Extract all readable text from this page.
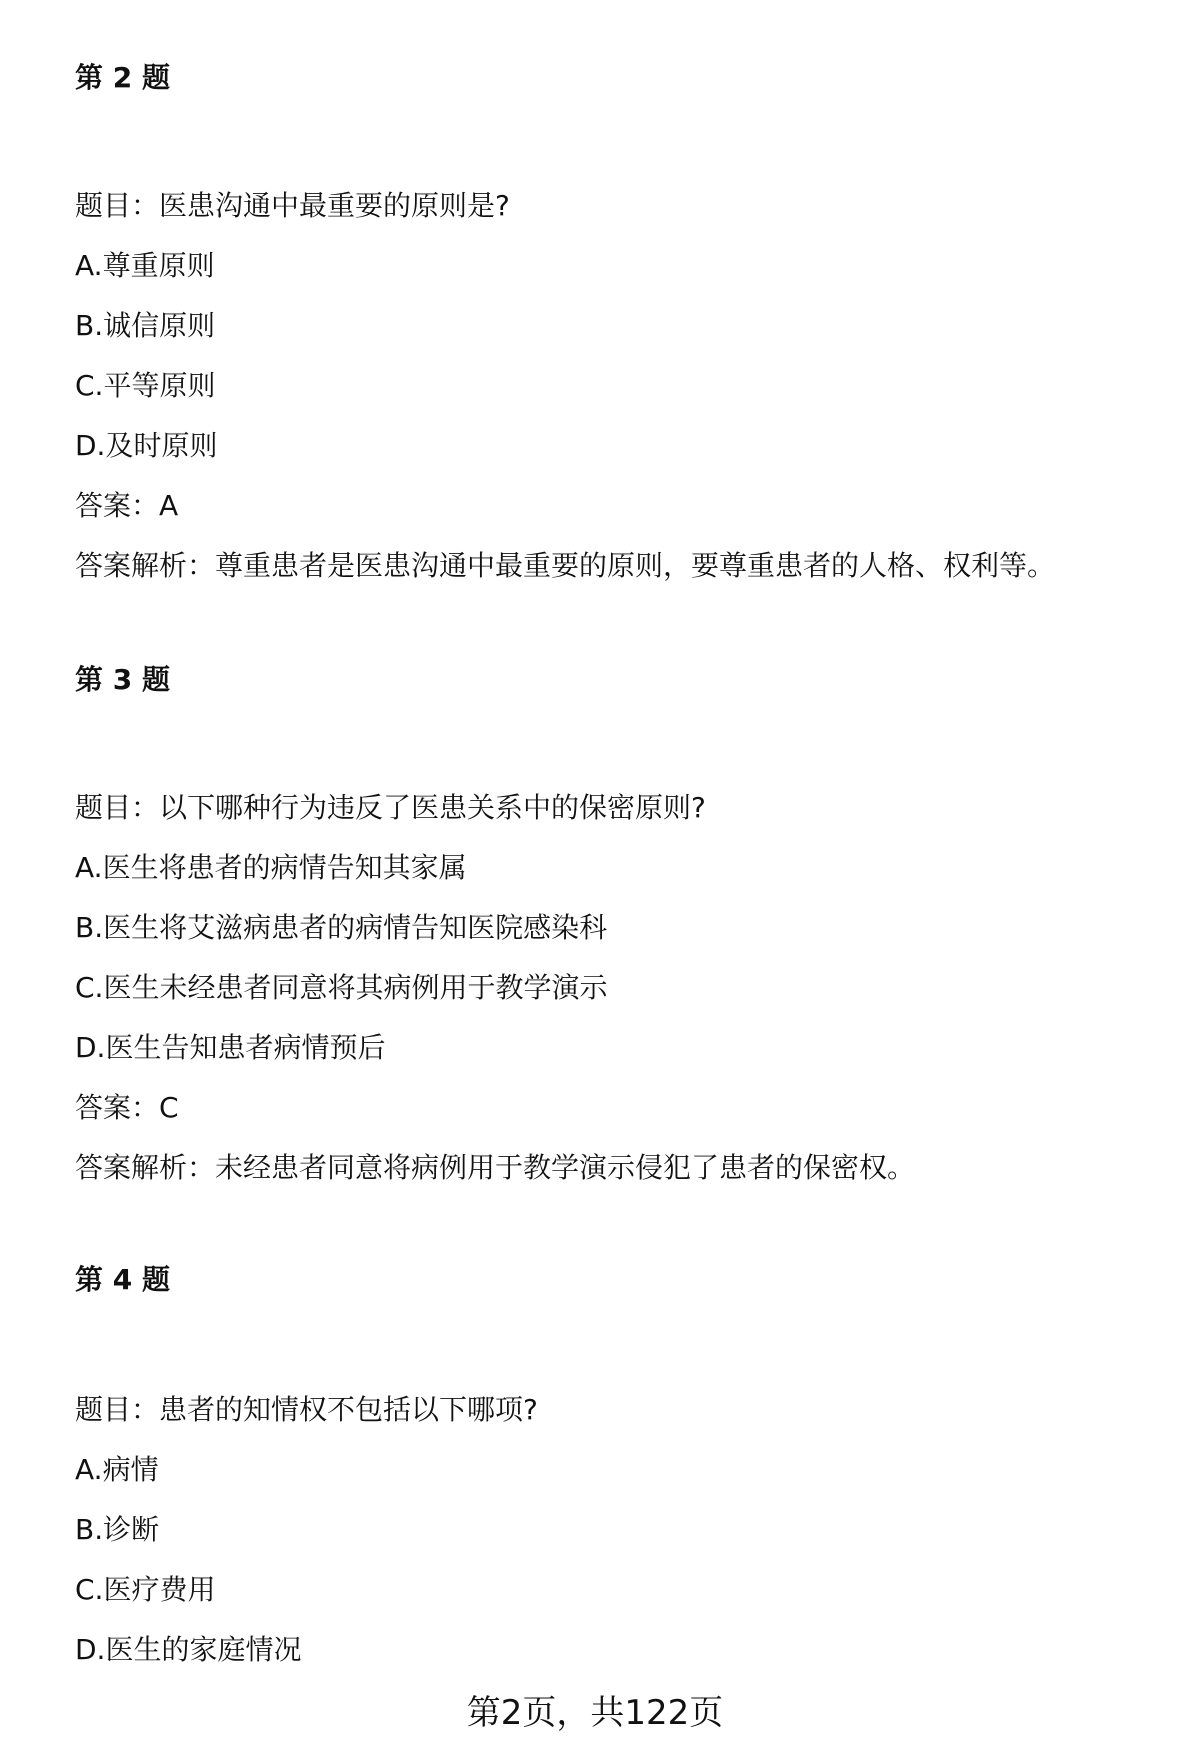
第 2 题
题目：医患沟通中最重要的原则是?
A.尊重原则
B.诚信原则
C.平等原则
D.及时原则
答案：A
答案解析：尊重患者是医患沟通中最重要的原则，要尊重患者的人格、权利等。
第 3 题
题目：以下哪种行为违反了医患关系中的保密原则?
A.医生将患者的病情告知其家属
B.医生将艾滋病患者的病情告知医院感染科
C.医生未经患者同意将其病例用于教学演示
D.医生告知患者病情预后
答案：C
答案解析：未经患者同意将病例用于教学演示侵犯了患者的保密权。
第 4 题
题目：患者的知情权不包括以下哪项?
A.病情
B.诊断
C.医疗费用
D.医生的家庭情况
第2页，共122页
